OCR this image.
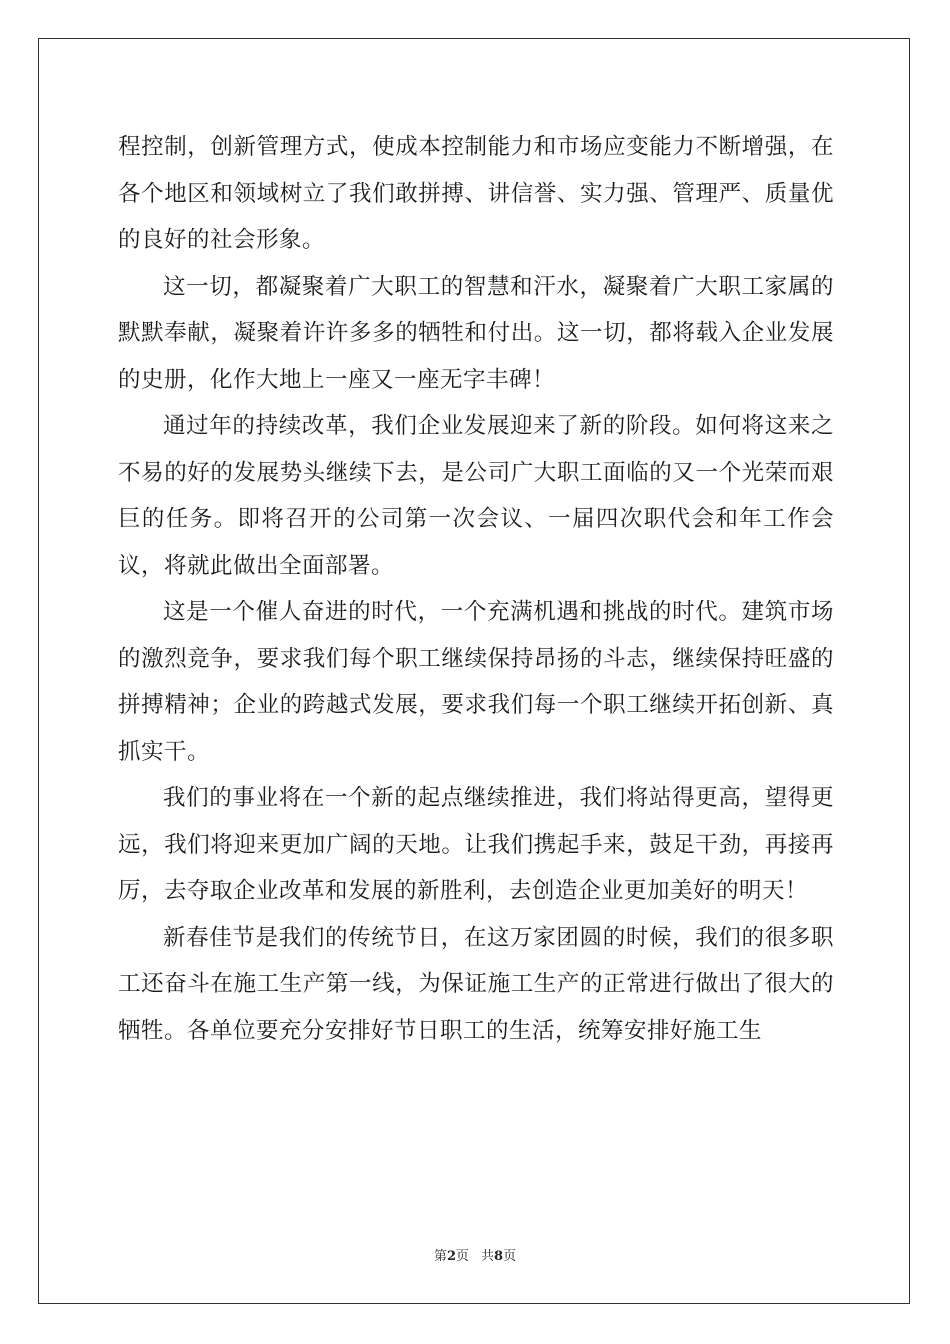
程控制，创新管理方式，使成本控制能力和市场应变能力不断增强，在各个地区和领域树立了我们敢拼搏、讲信誉、实力强、管理严、质量优的良好的社会形象。

这一切，都凝聚着广大职工的智慧和汗水，凝聚着广大职工家属的默默奉献，凝聚着许许多多的牺牲和付出。这一切，都将载入企业发展的史册，化作大地上一座又一座无字丰碑！

通过年的持续改革，我们企业发展迎来了新的阶段。如何将这来之不易的好的发展势头继续下去，是公司广大职工面临的又一个光荣而艰巨的任务。即将召开的公司第一次会议、一届四次职代会和年工作会议，将就此做出全面部署。

这是一个催人奋进的时代，一个充满机遇和挑战的时代。建筑市场的激烈竞争，要求我们每个职工继续保持昂扬的斗志，继续保持旺盛的拼搏精神；企业的跨越式发展，要求我们每一个职工继续开拓创新、真抓实干。

我们的事业将在一个新的起点继续推进，我们将站得更高，望得更远，我们将迎来更加广阔的天地。让我们携起手来，鼓足干劲，再接再厉，去夺取企业改革和发展的新胜利，去创造企业更加美好的明天！

新春佳节是我们的传统节日，在这万家团圆的时候，我们的很多职工还奋斗在施工生产第一线，为保证施工生产的正常进行做出了很大的牺牲。各单位要充分安排好节日职工的生活，统筹安排好施工生

第2页 共8页
